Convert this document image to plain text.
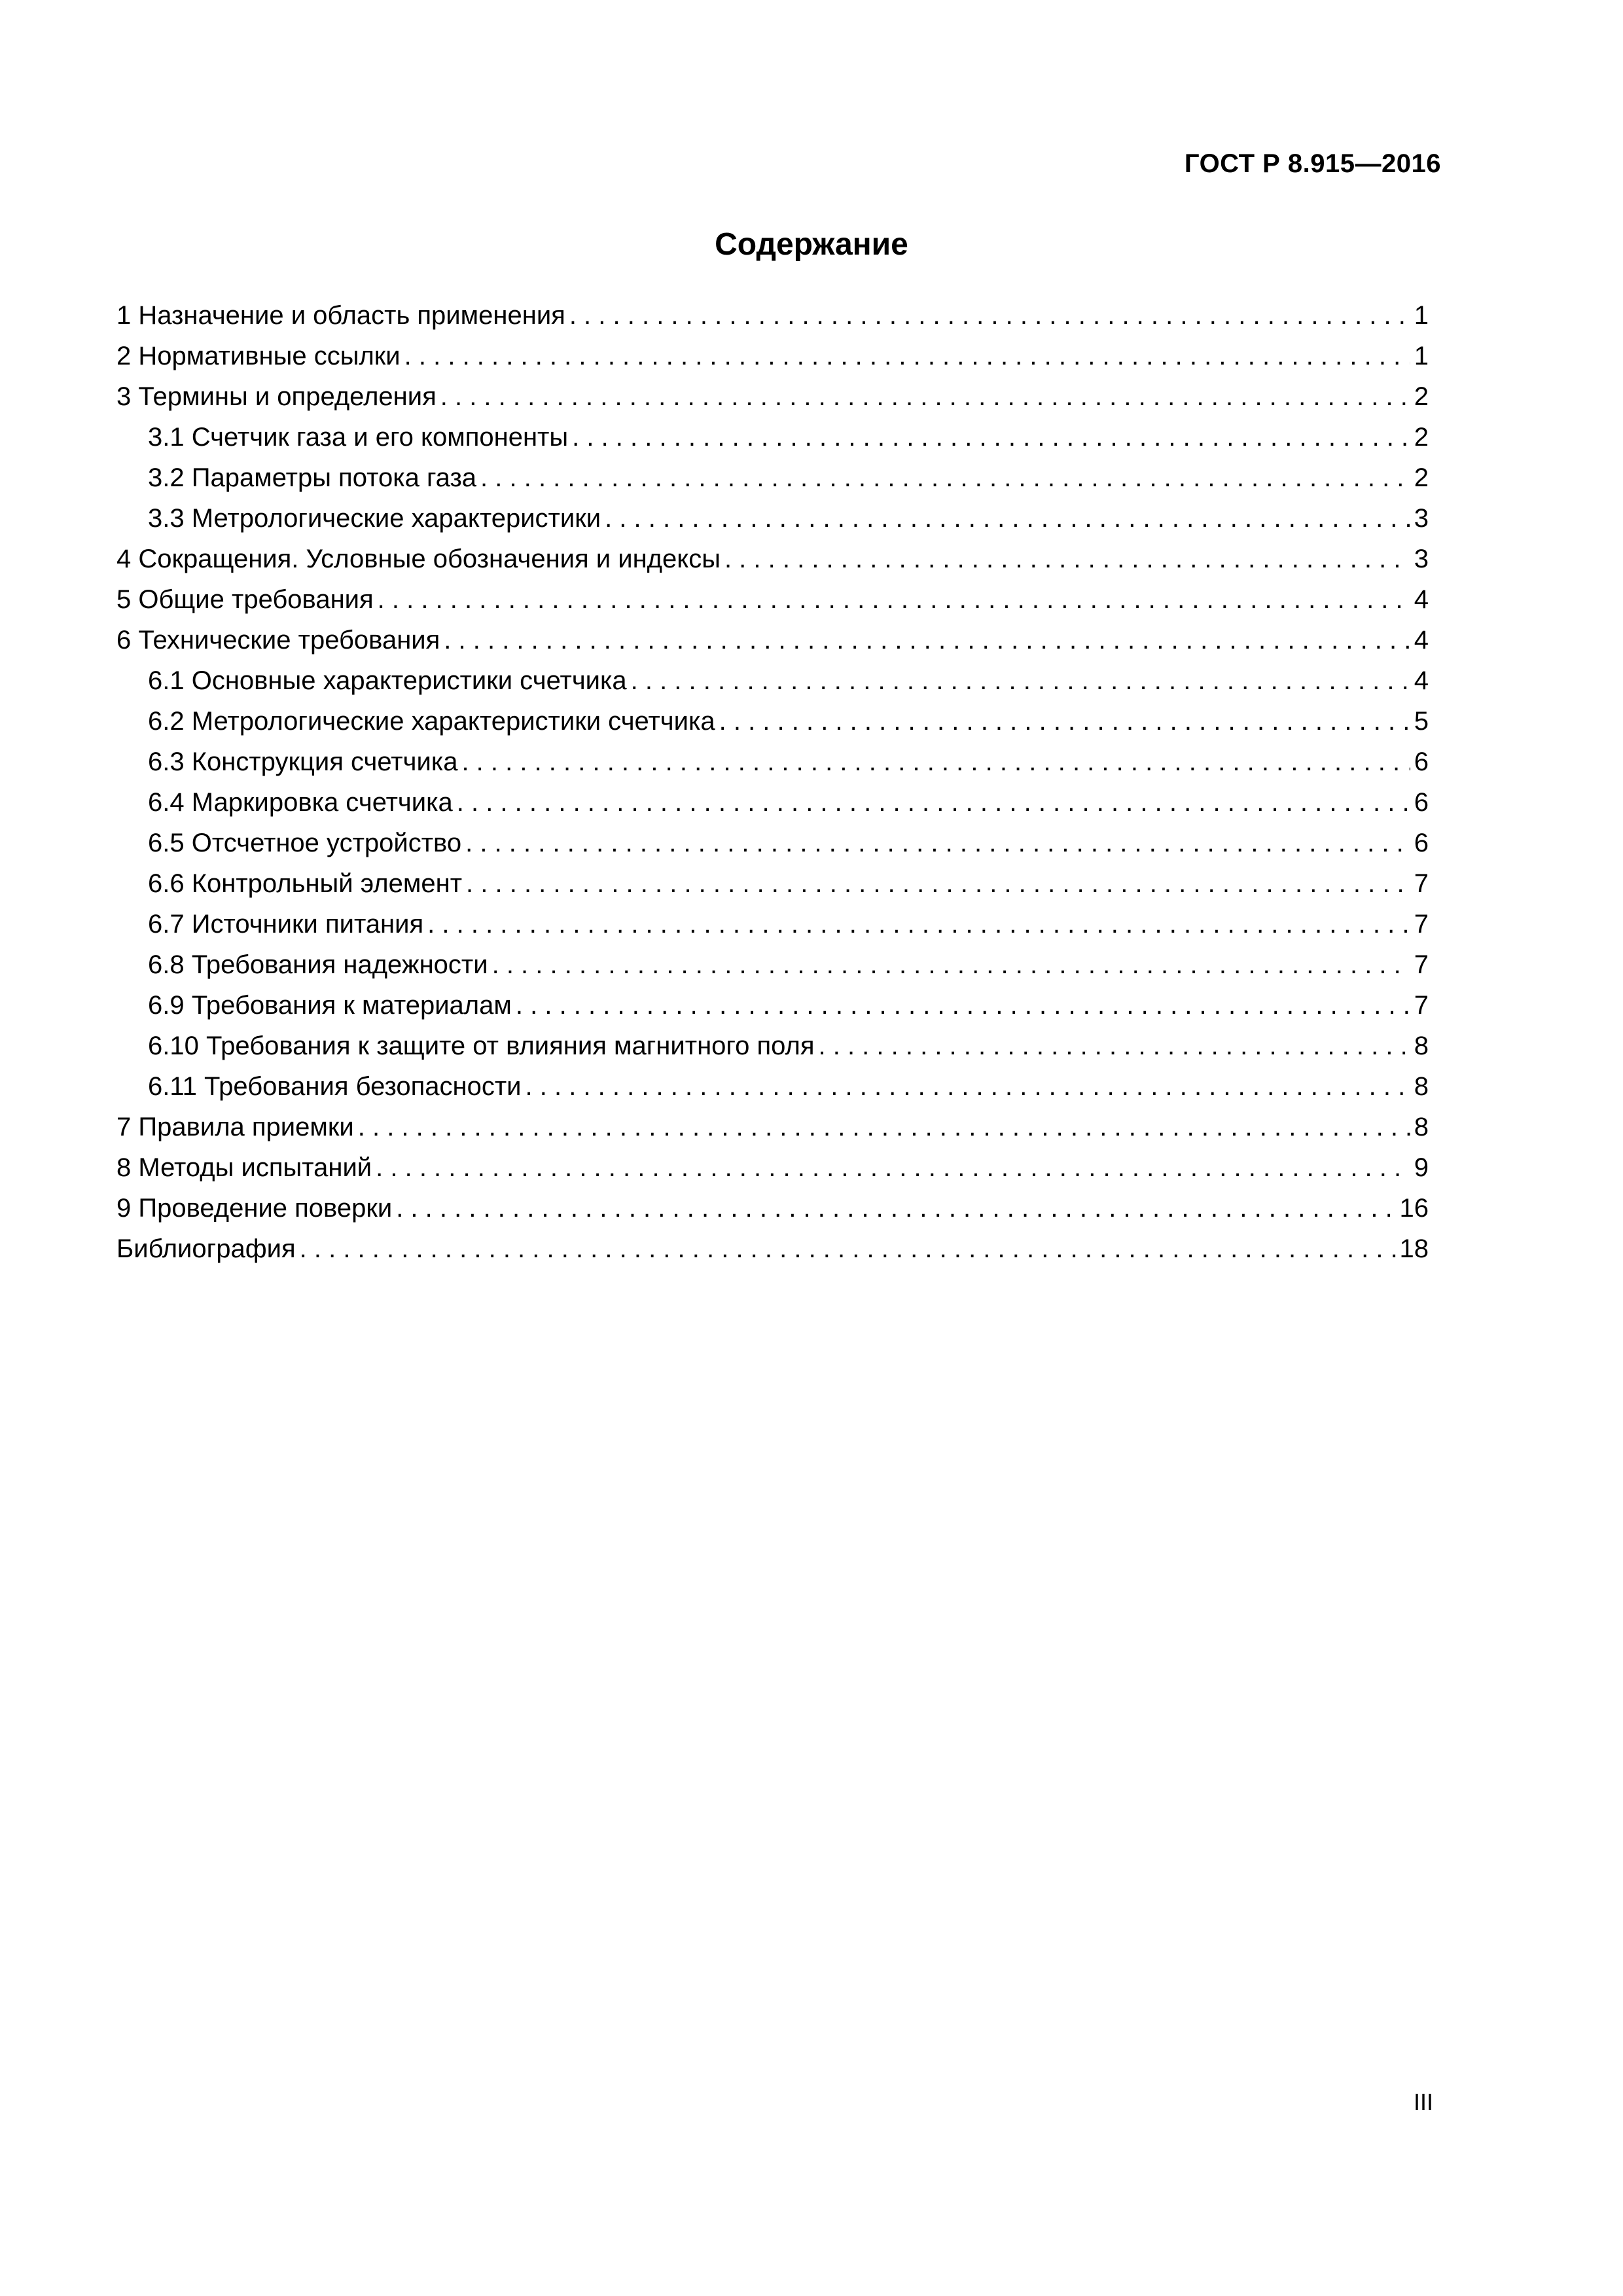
ГОСТ Р 8.915—2016
Содержание
1 Назначение и область применения . . .	1
2 Нормативные ссылки . . .	1
3 Термины и определения . . .	2
3.1 Счетчик газа и его компоненты . . .	2
3.2 Параметры потока газа . . .	2
3.3 Метрологические характеристики . . .	3
4 Сокращения. Условные обозначения и индексы . . .	3
5 Общие требования . . .	4
6 Технические требования . . .	4
6.1 Основные характеристики счетчика . . .	4
6.2 Метрологические характеристики счетчика . . .	5
6.3 Конструкция счетчика . . .	6
6.4 Маркировка счетчика . . .	6
6.5 Отсчетное устройство . . .	6
6.6 Контрольный элемент . . .	7
6.7 Источники питания . . .	7
6.8 Требования надежности . . .	7
6.9 Требования к материалам . . .	7
6.10 Требования к защите от влияния магнитного поля . . .	8
6.11 Требования безопасности . . .	8
7 Правила приемки . . .	8
8 Методы испытаний . . .	9
9 Проведение поверки . . .	16
Библиография . . .	18
III
